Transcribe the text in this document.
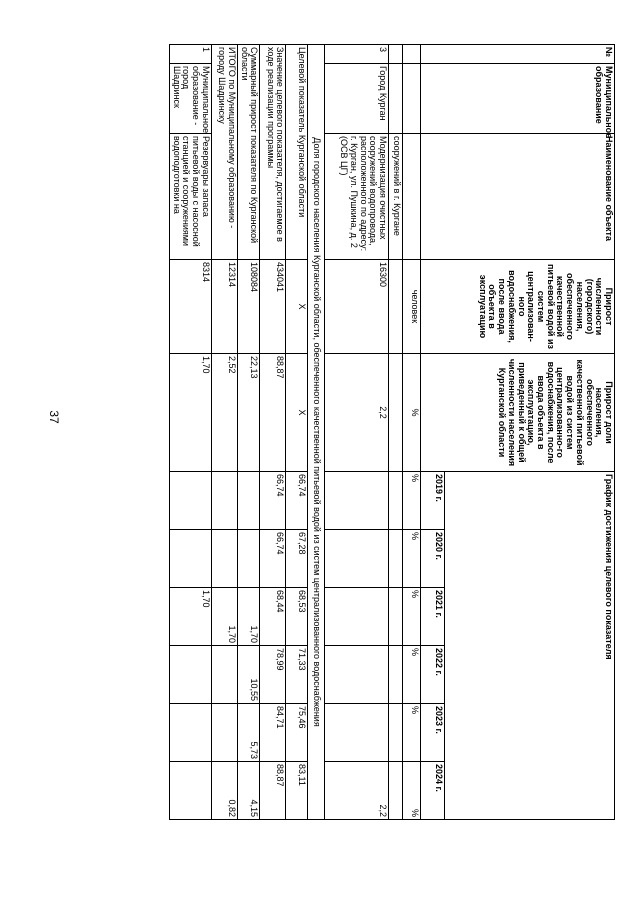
37
№	Муниципальное образование	Наименование объекта	Прирост численности (городского) населения, обеспеченного качественной питьевой водой из систем централизован-ного водоснабжения, после ввода объекта в эксплуатацию	Прирост доли населения, обеспеченного качественной питьевой водой из систем централизованно-го водоснабжения, после ввода объекта в эксплуатацию, приведенный к общей численности населения Курганской области	График достижения целевого показателя					
					2019 г.	2020 г.	2021 г.	2022 г.	2023 г.	2024 г.
			человек	%	%	%	%	%	%	%
		сооружений в г. Кургане								
3	Город Курган	Модернизация очистных сооружений водопровода, расположенного по адресу: г. Курган, ул. Пушкина, д. 2 (ОСВ ЦГ)	16300	2,2						2,2
Доля городского населения Курганской области, обеспеченного качественной питьевой водой из систем централизованного водоснабжения										
Целевой показатель Курганской области			X	X	66,74	67,28	68,53	71,33	75,46	83,11
Значение целевого показателя, достигаемое в ходе реализации программы			434041	88,87	66,74	66,74	68,44	78,99	84,71	88,87
Суммарный прирост показателя по Курганской области			108084	22,13			1,70	10,55	5,73	4,15
ИТОГО по Муниципальному образованию - городу Шадринску			12314	2,52			1,70			0,82
1	Муниципальное образование - город Шадринск	Резервуары запаса питьевой воды с насосной станцией и сооружениями водоподготовки на	8314	1,70			1,70			
